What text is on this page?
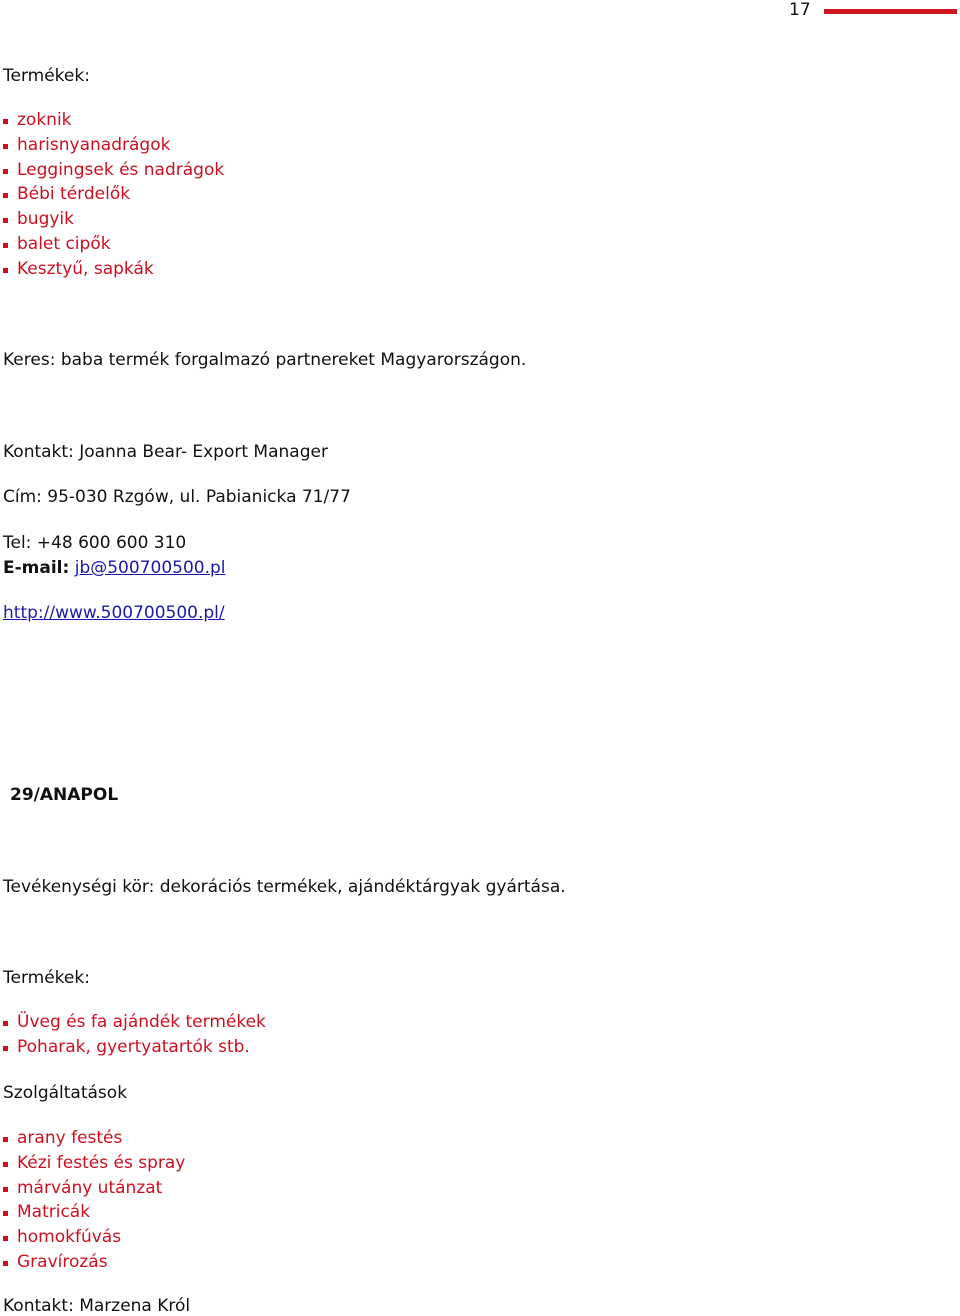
17
Termékek:
zoknik
harisnyanadrágok
Leggingsek és nadrágok
Bébi térdelők
bugyik
balet cipők
Kesztyű, sapkák
Keres: baba termék forgalmazó partnereket Magyarországon.
Kontakt: Joanna Bear- Export Manager
Cím: 95-030 Rzgów, ul. Pabianicka 71/77
Tel: +48 600 600 310
E-mail: jb@500700500.pl
http://www.500700500.pl/
29/ANAPOL
Tevékenységi kör: dekorációs termékek, ajándéktárgyak gyártása.
Termékek:
Üveg és fa ajándék termékek
Poharak, gyertyatartók stb.
Szolgáltatások
arany festés
Kézi festés és spray
márvány utánzat
Matricák
homokfúvás
Gravírozás
Kontakt: Marzena Król
